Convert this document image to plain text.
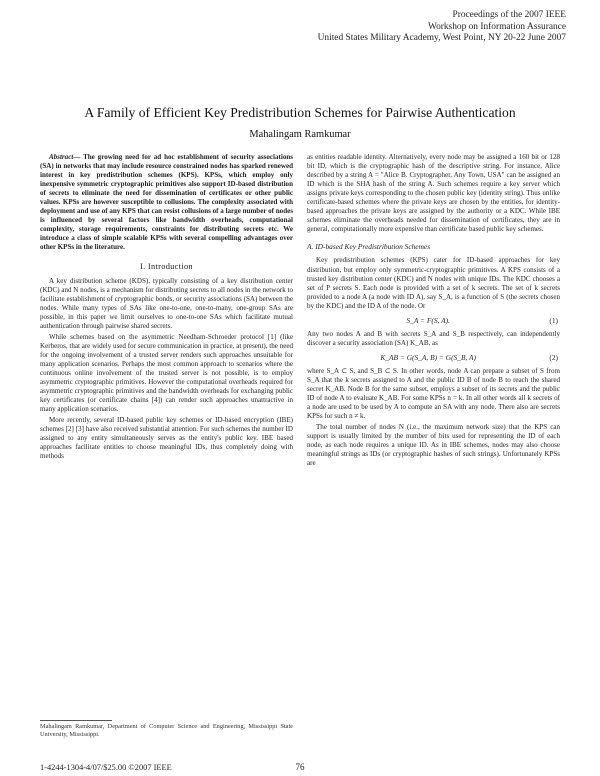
Proceedings of the 2007 IEEE
Workshop on Information Assurance
United States Military Academy, West Point, NY 20-22 June 2007
A Family of Efficient Key Predistribution Schemes for Pairwise Authentication
Mahalingam Ramkumar

Abstract— The growing need for ad hoc establishment of security associations (SA) in networks that may include resource constrained nodes has sparked renewed interest in key predistribution schemes (KPS). KPSs, which employ only inexpensive symmetric cryptographic primitives also support ID-based distribution of secrets to eliminate the need for dissemination of certificates or other public values. KPSs are however susceptible to collusions. The complexity associated with deployment and use of any KPS that can resist collusions of a large number of nodes is influenced by several factors like bandwidth overheads, computational complexity, storage requirements, constraints for distributing secrets etc. We introduce a class of simple scalable KPSs with several compelling advantages over other KPSs in the literature.

I. Introduction

A key distribution scheme (KDS), typically consisting of a key distribution center (KDC) and N nodes, is a mechanism for distributing secrets to all nodes in the network to facilitate establishment of cryptographic bonds, or security associations (SA) between the nodes. While many types of SAs like one-to-one, one-to-many, one-group SAs are possible, in this paper we limit ourselves to one-to-one SAs which facilitate mutual authentication through pairwise shared secrets.

While schemes based on the asymmetric Needham-Schroeder protocol [1] (like Kerberos, that are widely used for secure communication in practice, at present), the need for the ongoing involvement of a trusted server renders such approaches unsuitable for many application scenarios. Perhaps the most common approach to scenarios where the continuous online involvement of the trusted server is not possible, is to employ asymmetric cryptographic primitives. However the computational overheads required for asymmetric cryptographic primitives and the bandwidth overheads for exchanging public key certificates (or certificate chains [4]) can render such approaches unattractive in many application scenarios.

More recently, several ID-based public key schemes or ID-based encryption (IBE) schemes [2] [3] have also received substantial attention. For such schemes the number ID assigned to any entity simultaneously serves as the entity's public key. IBE based approaches facilitate entities to choose meaningful IDs, thus completely doing with methods

as entities readable identity. Alternatively, every node may be assigned a 160 bit or 128 bit ID, which is the cryptographic hash of the descriptive string. For instance, Alice described by a string A = "Alice B. Cryptographer, Any Town, USA" can be assigned an ID which is the SHA hash of the string A. Such schemes require a key server which assigns private keys corresponding to the chosen public key (identity string). Thus unlike certificate-based schemes where the private keys are chosen by the entities, for identity-based approaches the private keys are assigned by the authority or a KDC. While IBE schemes eliminate the overheads needed for dissemination of certificates, they are in general, computationally more expensive than certificate based public key schemes.

A. ID-based Key Predistribution Schemes

Key predistribution schemes (KPS) cater for ID-based approaches for key distribution, but employ only symmetric-cryptographic primitives. A KPS consists of a trusted key distribution center (KDC) and N nodes with unique IDs. The KDC chooses a set of P secrets S. Each node is provided with a set of k secrets. The set of k secrets provided to a node A (a node with ID A), say S_A, is a function of S (the secrets chosen by the KDC) and the ID A of the node. Or

S_A = F(S, A).	(1)

Any two nodes A and B with secrets S_A and S_B respectively, can independently discover a security association (SA) K_AB, as

K_AB = G(S_A, B) = G(S_B, A)	(2)

where S_A ⊂ S, and S_B ⊂ S. In other words, node A can prepare a subset of S from S_A that the k secrets assigned to A and the public ID B of node B to reach the shared secret K_AB. Node B for the same subset, employs a subset of its secrets and the public ID of node A to evaluate K_AB. For some KPSs n = k. In all other words all k secrets of a node are used to be used by A to compute an SA with any node. There also are secrets KPSs for such n ≠ k.

The total number of nodes N (i.e., the maximum network size) that the KPS can support is usually limited by the number of bits used for representing the ID of each node, as each node requires a unique ID. As in IBE schemes, nodes may also choose meaningful strings as IDs (or cryptographic hashes of such strings). Unfortunately KPSs are

Mahalingam Ramkumar, Department of Computer Science and Engineering, Mississippi State University, Mississippi.
1-4244-1304-4/07/$25.00 ©2007 IEEE	76
